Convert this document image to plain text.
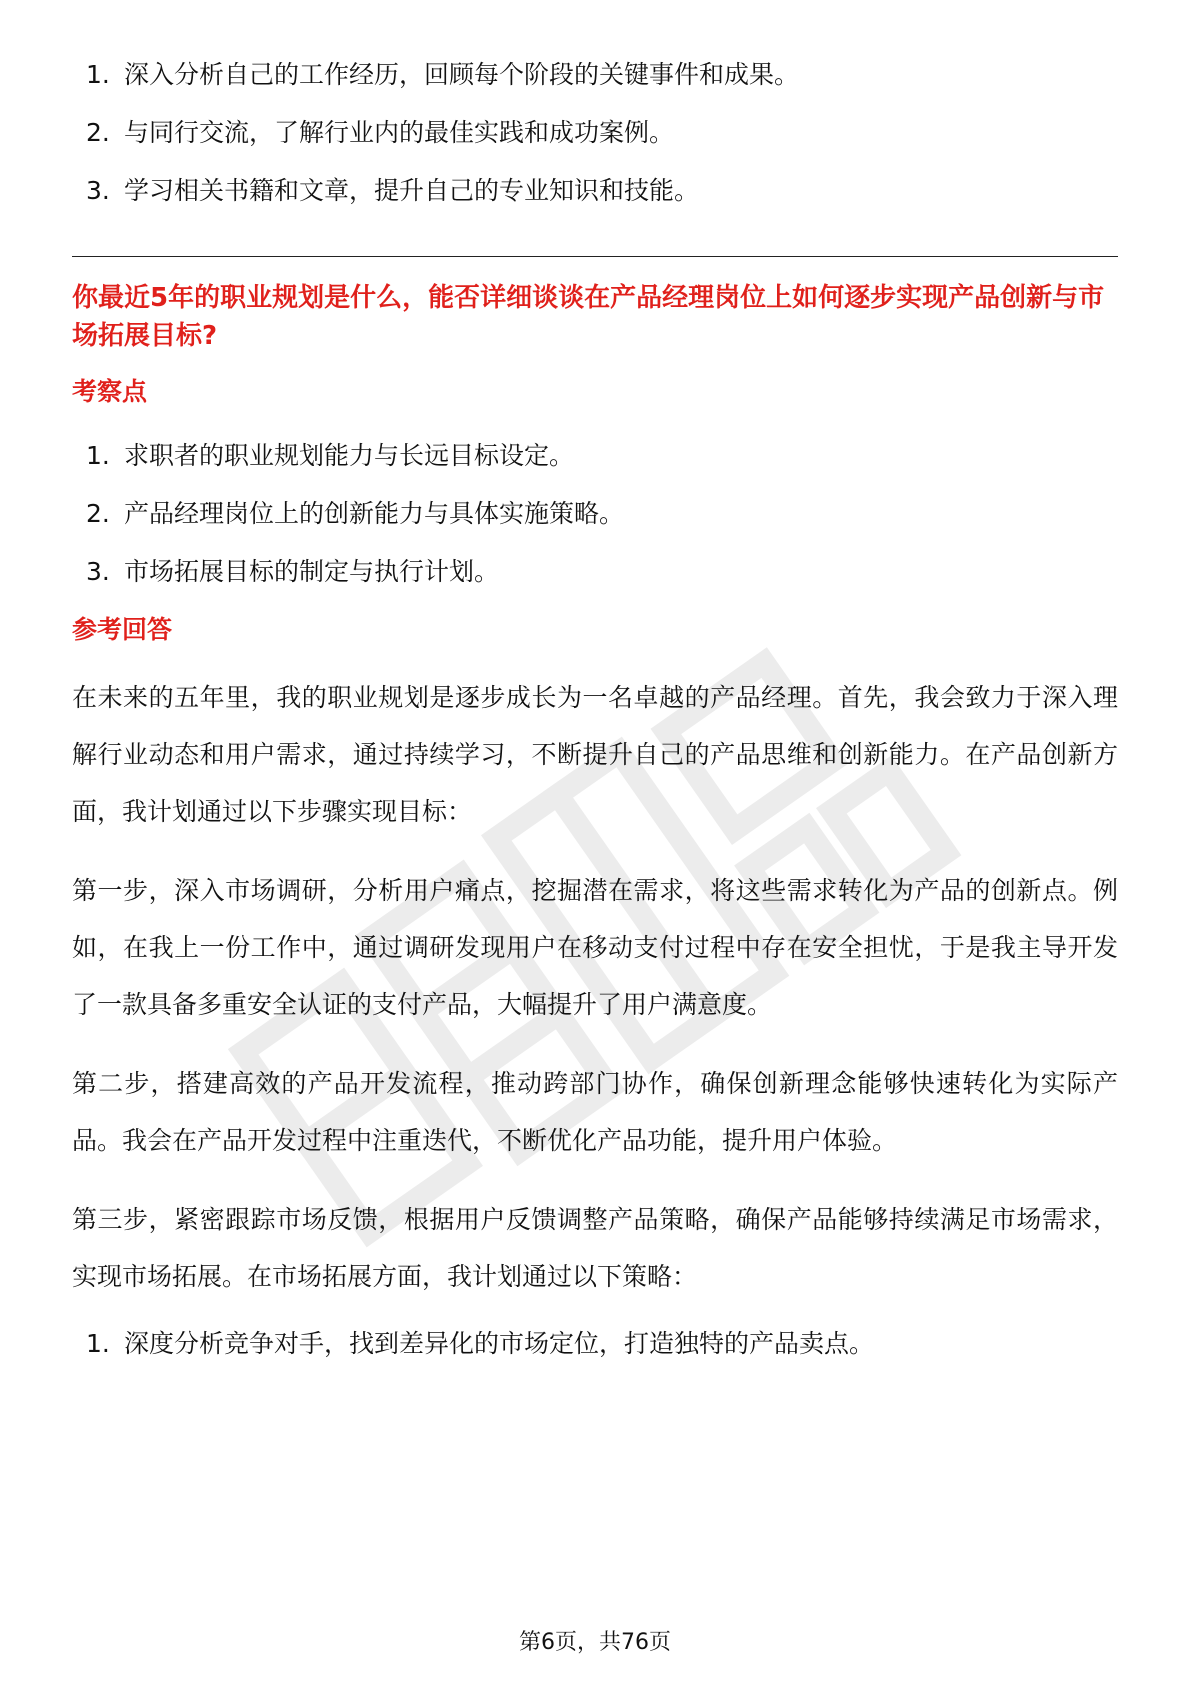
1. 深入分析自己的工作经历，回顾每个阶段的关键事件和成果。
2. 与同行交流，了解行业内的最佳实践和成功案例。
3. 学习相关书籍和文章，提升自己的专业知识和技能。
你最近5年的职业规划是什么，能否详细谈谈在产品经理岗位上如何逐步实现产品创新与市场拓展目标?
考察点
1. 求职者的职业规划能力与长远目标设定。
2. 产品经理岗位上的创新能力与具体实施策略。
3. 市场拓展目标的制定与执行计划。
参考回答

在未来的五年里，我的职业规划是逐步成长为一名卓越的产品经理。首先，我会致力于深入理解行业动态和用户需求，通过持续学习，不断提升自己的产品思维和创新能力。在产品创新方面，我计划通过以下步骤实现目标：

第一步，深入市场调研，分析用户痛点，挖掘潜在需求，将这些需求转化为产品的创新点。例如，在我上一份工作中，通过调研发现用户在移动支付过程中存在安全担忧，于是我主导开发了一款具备多重安全认证的支付产品，大幅提升了用户满意度。

第二步，搭建高效的产品开发流程，推动跨部门协作，确保创新理念能够快速转化为实际产品。我会在产品开发过程中注重迭代，不断优化产品功能，提升用户体验。

第三步，紧密跟踪市场反馈，根据用户反馈调整产品策略，确保产品能够持续满足市场需求，实现市场拓展。在市场拓展方面，我计划通过以下策略：

1. 深度分析竞争对手，找到差异化的市场定位，打造独特的产品卖点。
第6页，共76页
